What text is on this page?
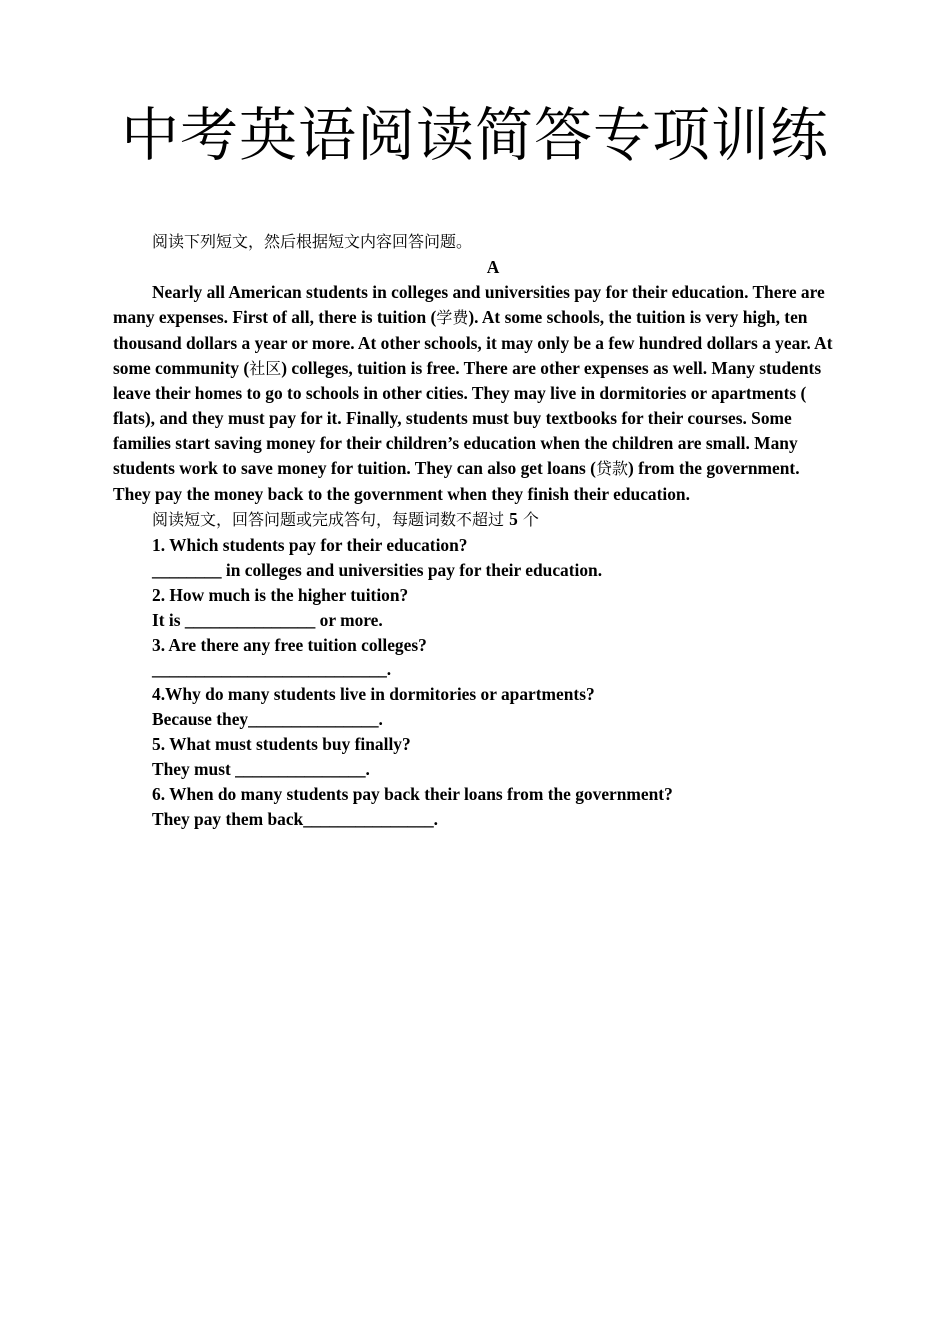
中考英语阅读简答专项训练

阅读下列短文，然后根据短文内容回答问题。

A

Nearly all American students in colleges and universities pay for their education. There are many expenses. First of all, there is tuition (学费). At some schools, the tuition is very high, ten thousand dollars a year or more. At other schools, it may only be a few hundred dollars a year. At some community (社区) colleges, tuition is free. There are other expenses as well. Many students leave their homes to go to schools in other cities. They may live in dormitories or apartments ( flats), and they must pay for it. Finally, students must buy textbooks for their courses. Some families start saving money for their children’s education when the children are small. Many students work to save money for tuition. They can also get loans (贷款) from the government. They pay the money back to the government when they finish their education.

阅读短文，回答问题或完成答句，每题词数不超过 5 个

1. Which students pay for their education?

________ in colleges and universities pay for their education.

2. How much is the higher tuition?

It is _______________ or more.

3. Are there any free tuition colleges?

___________________________.

4.Why do many students live in dormitories or apartments?

Because they_______________.

5. What must students buy finally?

They must _______________.

6. When do many students pay back their loans from the government?

They pay them back_______________.
